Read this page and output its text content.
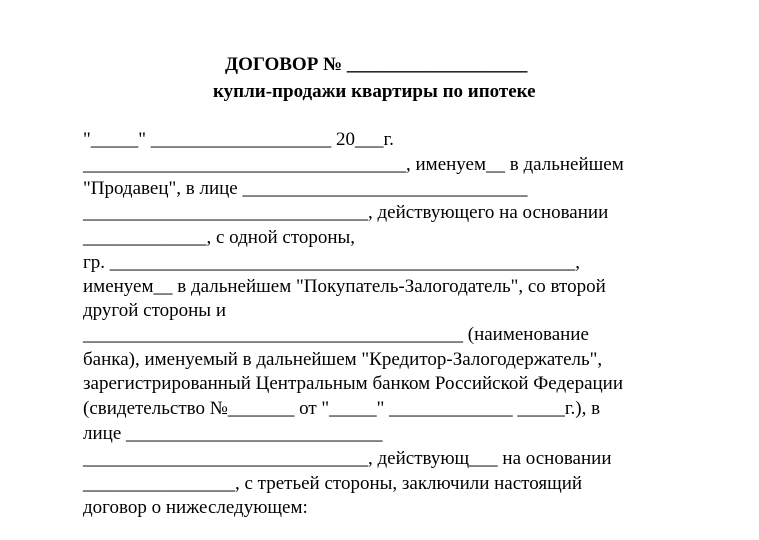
ДОГОВОР № ___________________
купли-продажи квартиры по ипотеке
"_____" ___________________ 20___г.
__________________________________, именуем__ в дальнейшем
"Продавец", в лице ______________________________
______________________________, действующего на основании
_____________, с одной стороны,
гр. _________________________________________________,
именуем__ в дальнейшем "Покупатель-Залогодатель", со второй
другой стороны и
________________________________________ (наименование
банка), именуемый в дальнейшем "Кредитор-Залогодержатель",
зарегистрированный Центральным банком Российской Федерации
(свидетельство №_______ от "_____" _____________ _____г.), в
лице ___________________________
______________________________, действующ___ на основании
________________, с третьей стороны, заключили настоящий
договор о нижеследующем:
